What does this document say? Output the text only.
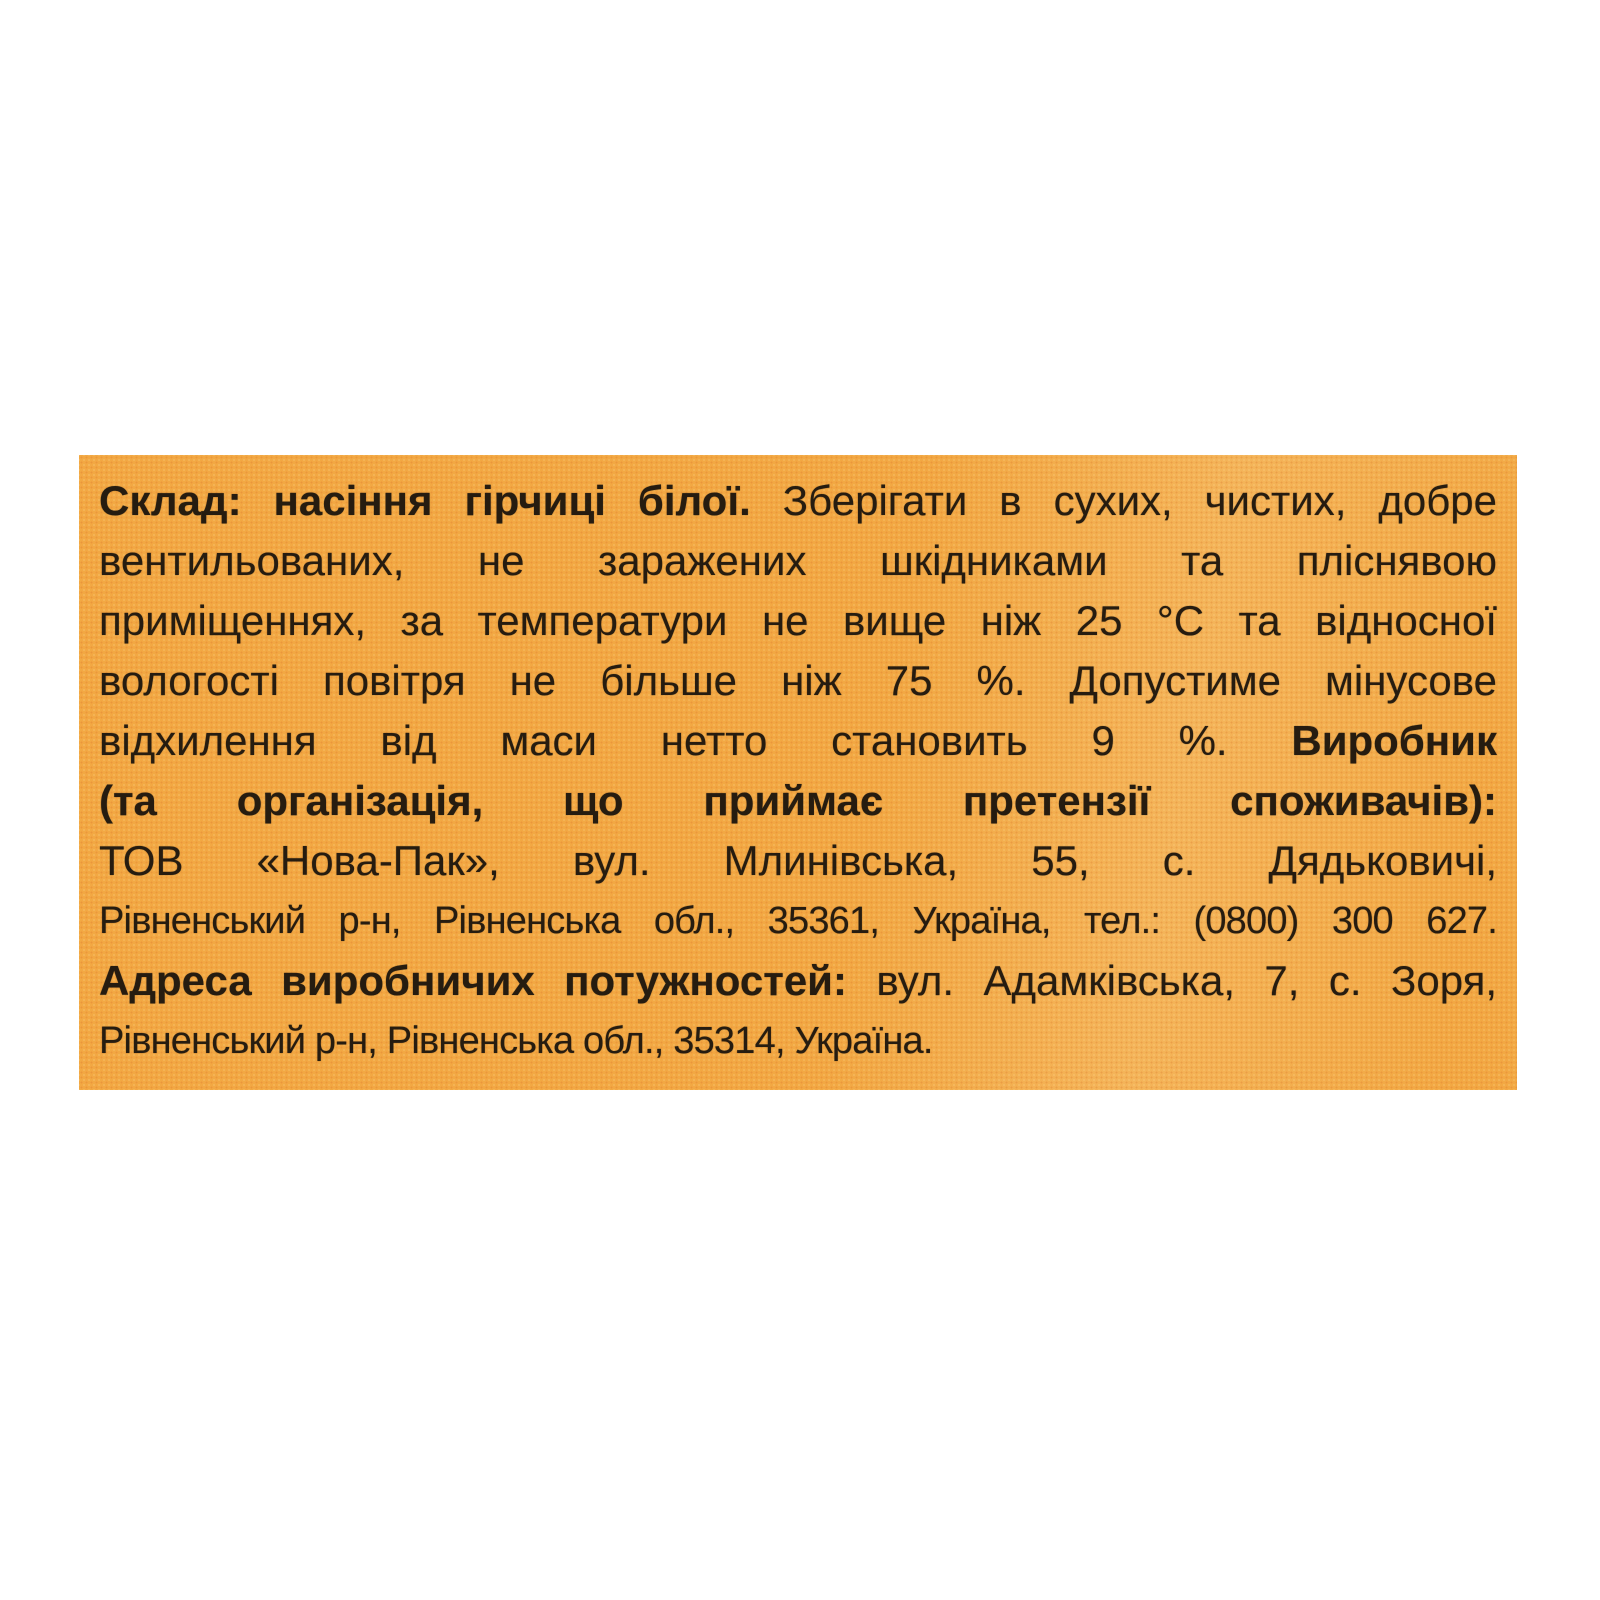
Склад: насіння гірчиці білої. Зберігати в сухих, чистих, добре
вентильованих, не заражених шкідниками та пліснявою
приміщеннях, за температури не вище ніж 25 °С та відносної
вологості повітря не більше ніж 75 %. Допустиме мінусове
відхилення від маси нетто становить 9 %. Виробник
(та організація, що приймає претензії споживачів):
ТОВ «Нова-Пак», вул. Млинівська, 55, с. Дядьковичі,
Рівненський р-н, Рівненська обл., 35361, Україна, тел.: (0800) 300 627.
Адреса виробничих потужностей: вул. Адамківська, 7, с. Зоря,
Рівненський р-н, Рівненська обл., 35314, Україна.
